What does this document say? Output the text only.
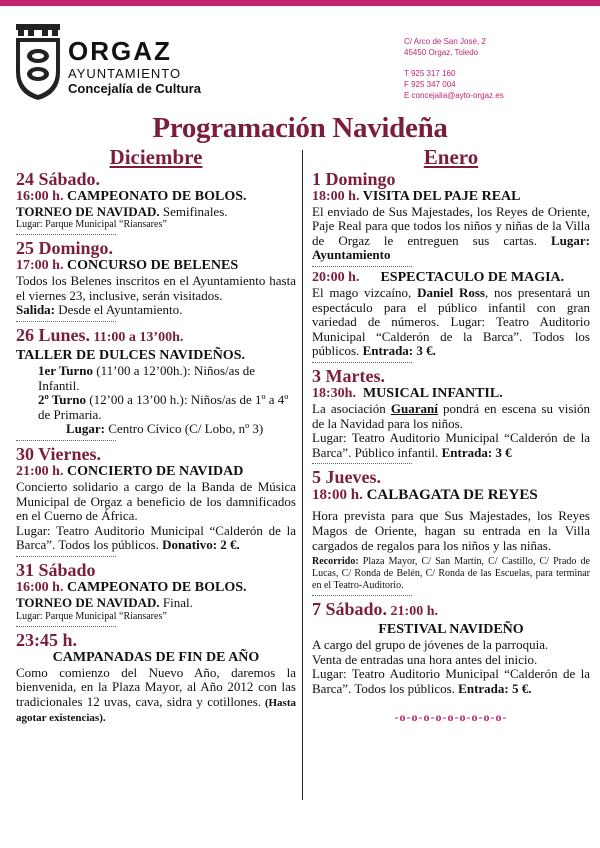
ORGAZ
AYUNTAMIENTO
Concejalía de Cultura
C/ Arco de San José, 2
45450 Orgaz, Toledo
T 925 317 160
F 925 347 004
E concejalia@ayto-orgaz.es
Programación Navideña
Diciembre
24 Sábado.
16:00 h. CAMPEONATO DE BOLOS.
TORNEO DE NAVIDAD. Semifinales.
Lugar: Parque Municipal “Riansares”
25 Domingo.
17:00 h. CONCURSO DE BELENES
Todos los Belenes inscritos en el Ayuntamiento hasta el viernes 23, inclusive, serán visitados.
Salida: Desde el Ayuntamiento.
26 Lunes. 11:00 a 13’00h.
TALLER DE DULCES NAVIDEÑOS.
1er Turno (11’00 a 12’00h.): Niños/as de Infantil.
2º Turno (12’00 a 13’00 h.): Niños/as de 1º a 4º de Primaria.
Lugar: Centro Cívico (C/ Lobo, nº 3)
30 Viernes.
21:00 h. CONCIERTO DE NAVIDAD
Concierto solidario a cargo de la Banda de Música Municipal de Orgaz a beneficio de los damnificados en el Cuerno de África.
Lugar: Teatro Auditorio Municipal “Calderón de la Barca”. Todos los públicos. Donativo: 2 €.
31 Sábado
16:00 h. CAMPEONATO DE BOLOS.
TORNEO DE NAVIDAD. Final.
Lugar: Parque Municipal “Riansares”
23:45 h.
CAMPANADAS DE FIN DE AÑO
Como comienzo del Nuevo Año, daremos la bienvenida, en la Plaza Mayor, al Año 2012 con las tradicionales 12 uvas, cava, sidra y cotillones. (Hasta agotar existencias).
Enero
1 Domingo
18:00 h. VISITA DEL PAJE REAL
El enviado de Sus Majestades, los Reyes de Oriente, Paje Real para que todos los niños y niñas de la Villa de Orgaz le entreguen sus cartas. Lugar: Ayuntamiento
20:00 h. ESPECTACULO DE MAGIA.
El mago vizcaíno, Daniel Ross, nos presentará un espectáculo para el público infantil con gran variedad de números. Lugar: Teatro Auditorio Municipal “Calderón de la Barca”. Todos los públicos. Entrada: 3 €.
3 Martes.
18:30h. MUSICAL INFANTIL.
La asociación Guaraní pondrá en escena su visión de la Navidad para los niños.
Lugar: Teatro Auditorio Municipal “Calderón de la Barca”. Público infantil. Entrada: 3 €
5 Jueves.
18:00 h. CALBAGATA DE REYES
Hora prevista para que Sus Majestades, los Reyes Magos de Oriente, hagan su entrada en la Villa cargados de regalos para los niños y las niñas.
Recorrido: Plaza Mayor, C/ San Martín, C/ Castillo, C/ Prado de Lucas, C/ Ronda de Belén, C/ Ronda de las Escuelas, para terminar en el Teatro-Auditorio.
7 Sábado. 21:00 h.
FESTIVAL NAVIDEÑO
A cargo del grupo de jóvenes de la parroquia.
Venta de entradas una hora antes del inicio.
Lugar: Teatro Auditorio Municipal “Calderón de la Barca”. Todos los públicos. Entrada: 5 €.
-o-o-o-o-o-o-o-o-o-
